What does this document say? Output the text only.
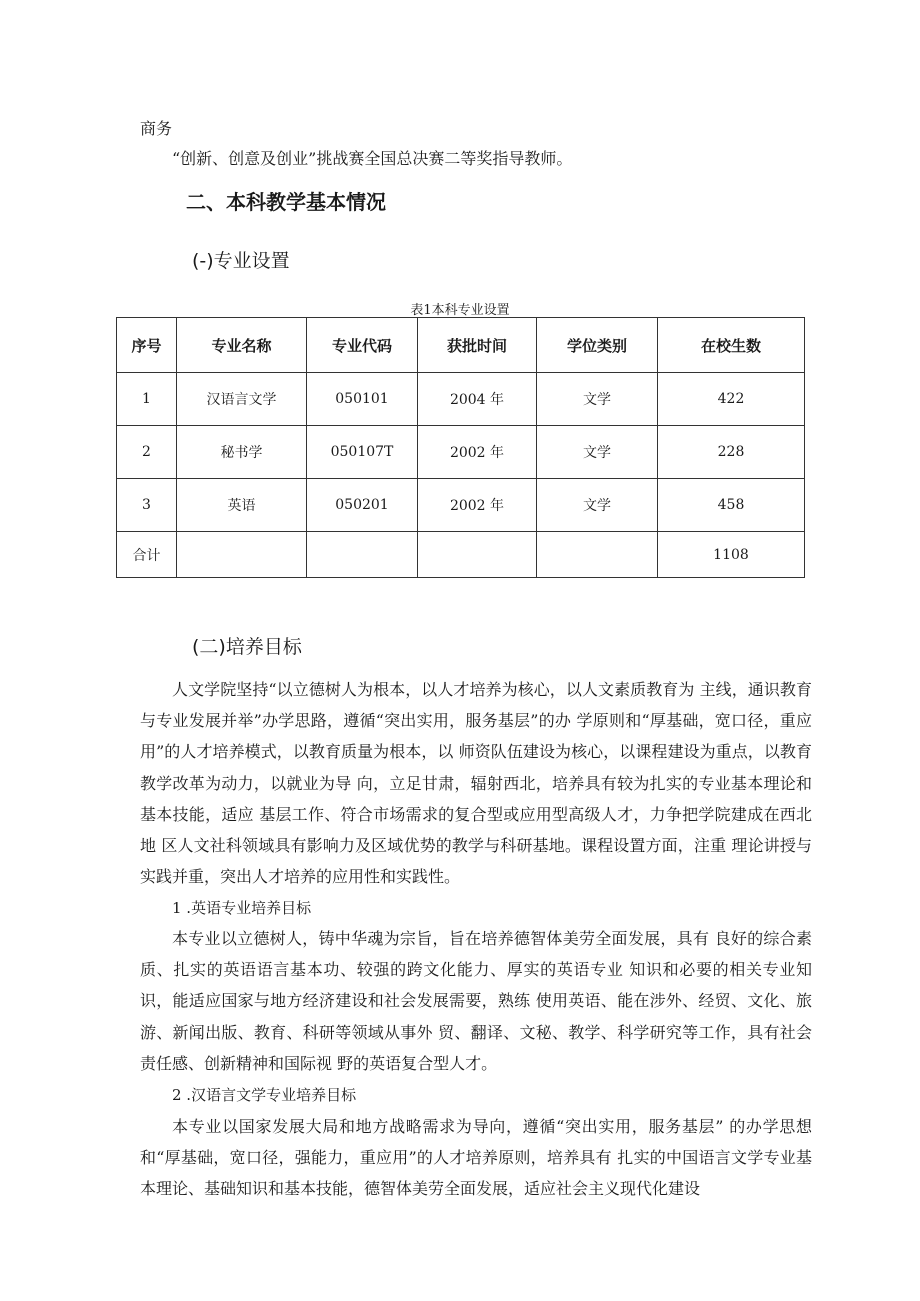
商务
“创新、创意及创业”挑战赛全国总决赛二等奖指导教师。
二、本科教学基本情况
(-)专业设置
表1本科专业设置
序号	专业名称	专业代码	获批时间	学位类别	在校生数
1	汉语言文学	050101	2004 年	文学	422
2	秘书学	050107T	2002 年	文学	228
3	英语	050201	2002 年	文学	458
合计					1108
(二)培养目标

人文学院坚持“以立德树人为根本，以人才培养为核心，以人文素质教育为 主线，通识教育与专业发展并举”办学思路，遵循“突出实用，服务基层”的办 学原则和“厚基础，宽口径，重应用”的人才培养模式，以教育质量为根本，以 师资队伍建设为核心，以课程建设为重点，以教育教学改革为动力，以就业为导 向，立足甘肃，辐射西北，培养具有较为扎实的专业基本理论和基本技能，适应 基层工作、符合市场需求的复合型或应用型高级人才，力争把学院建成在西北地 区人文社科领域具有影响力及区域优势的教学与科研基地。课程设置方面，注重 理论讲授与实践并重，突出人才培养的应用性和实践性。

1 .英语专业培养目标

本专业以立德树人，铸中华魂为宗旨，旨在培养德智体美劳全面发展，具有 良好的综合素质、扎实的英语语言基本功、较强的跨文化能力、厚实的英语专业 知识和必要的相关专业知识，能适应国家与地方经济建设和社会发展需要，熟练 使用英语、能在涉外、经贸、文化、旅游、新闻出版、教育、科研等领域从事外 贸、翻译、文秘、教学、科学研究等工作，具有社会责任感、创新精神和国际视 野的英语复合型人才。

2 .汉语言文学专业培养目标

本专业以国家发展大局和地方战略需求为导向，遵循“突出实用，服务基层” 的办学思想和“厚基础，宽口径，强能力，重应用”的人才培养原则，培养具有 扎实的中国语言文学专业基本理论、基础知识和基本技能，德智体美劳全面发展，适应社会主义现代化建设
